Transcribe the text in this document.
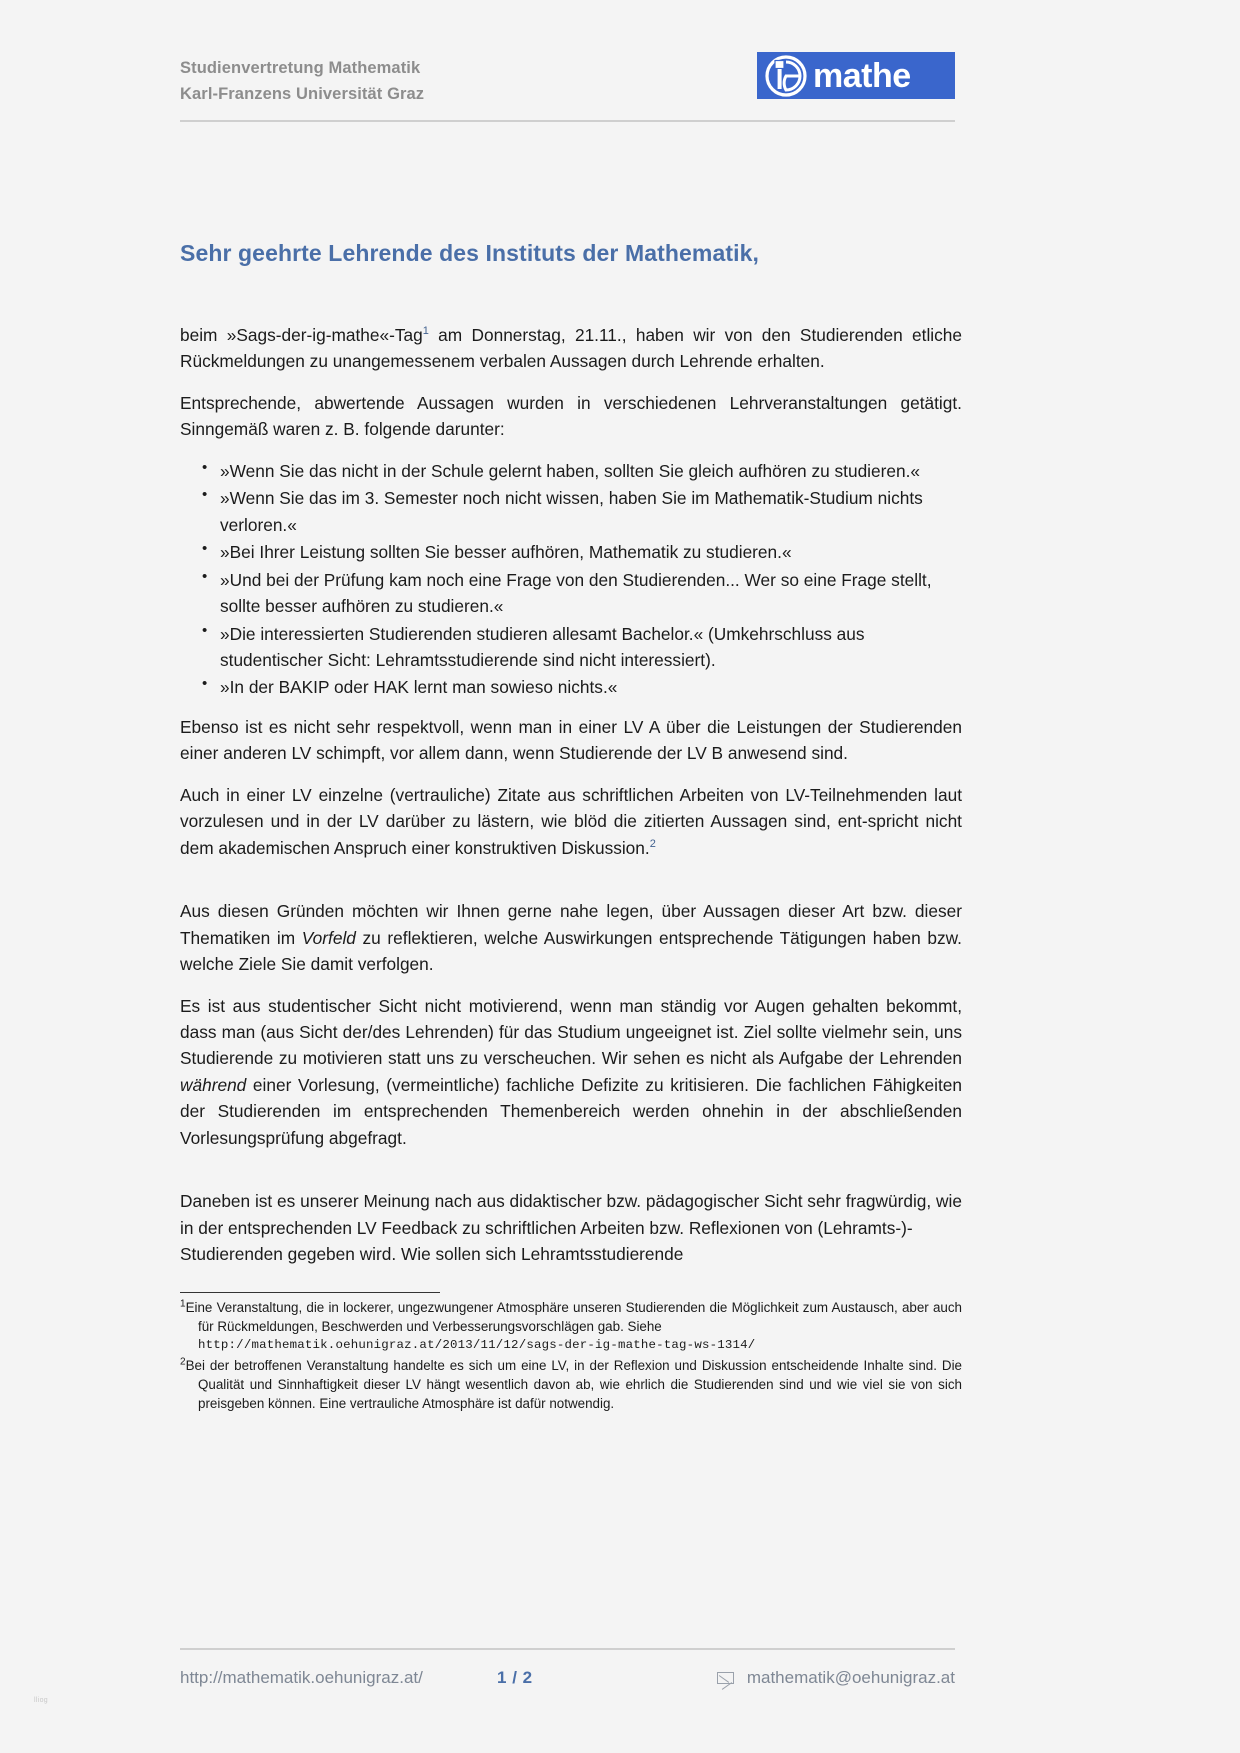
Studienvertretung Mathematik
Karl-Franzens Universität Graz	mathe
Sehr geehrte Lehrende des Instituts der Mathematik,

beim »Sags-der-ig-mathe«-Tag$^1$ am Donnerstag, 21.11., haben wir von den Studierenden etliche Rückmeldungen zu unangemessenem verbalen Aussagen durch Lehrende erhalten.

Entsprechende, abwertende Aussagen wurden in verschiedenen Lehrveranstaltungen getätigt. Sinngemäß waren z. B. folgende darunter:

• »Wenn Sie das nicht in der Schule gelernt haben, sollten Sie gleich aufhören zu studieren.«
• »Wenn Sie das im 3. Semester noch nicht wissen, haben Sie im Mathematik-Studium nichts verloren.«
• »Bei Ihrer Leistung sollten Sie besser aufhören, Mathematik zu studieren.«
• »Und bei der Prüfung kam noch eine Frage von den Studierenden... Wer so eine Frage stellt, sollte besser aufhören zu studieren.«
• »Die interessierten Studierenden studieren allesamt Bachelor.« (Umkehrschluss aus studentischer Sicht: Lehramtsstudierende sind nicht interessiert).
• »In der BAKIP oder HAK lernt man sowieso nichts.«

Ebenso ist es nicht sehr respektvoll, wenn man in einer LV A über die Leistungen der Studierenden einer anderen LV schimpft, vor allem dann, wenn Studierende der LV B anwesend sind.

Auch in einer LV einzelne (vertrauliche) Zitate aus schriftlichen Arbeiten von LV-Teilnehmenden laut vorzulesen und in der LV darüber zu lästern, wie blöd die zitierten Aussagen sind, ent-spricht nicht dem akademischen Anspruch einer konstruktiven Diskussion.$^2$

Aus diesen Gründen möchten wir Ihnen gerne nahe legen, über Aussagen dieser Art bzw. dieser Thematiken im Vorfeld zu reflektieren, welche Auswirkungen entsprechende Tätigungen haben bzw. welche Ziele Sie damit verfolgen.

Es ist aus studentischer Sicht nicht motivierend, wenn man ständig vor Augen gehalten bekommt, dass man (aus Sicht der/des Lehrenden) für das Studium ungeeignet ist. Ziel sollte vielmehr sein, uns Studierende zu motivieren statt uns zu verscheuchen. Wir sehen es nicht als Aufgabe der Lehrenden während einer Vorlesung, (vermeintliche) fachliche Defizite zu kritisieren. Die fachlichen Fähigkeiten der Studierenden im entsprechenden Themenbereich werden ohnehin in der abschließenden Vorlesungsprüfung abgefragt.

Daneben ist es unserer Meinung nach aus didaktischer bzw. pädagogischer Sicht sehr fragwürdig, wie in der entsprechenden LV Feedback zu schriftlichen Arbeiten bzw. Reflexionen von (Lehramts-)-Studierenden gegeben wird. Wie sollen sich Lehramtsstudierende

$^1$Eine Veranstaltung, die in lockerer, ungezwungener Atmosphäre unseren Studierenden die Möglichkeit zum Austausch, aber auch für Rückmeldungen, Beschwerden und Verbesserungsvorschlägen gab. Siehe

http://mathematik.oehunigraz.at/2013/11/12/sags-der-ig-mathe-tag-ws-1314/

$^2$Bei der betroffenen Veranstaltung handelte es sich um eine LV, in der Reflexion und Diskussion entscheidende Inhalte sind. Die Qualität und Sinnhaftigkeit dieser LV hängt wesentlich davon ab, wie ehrlich die Studierenden sind und wie viel sie von sich preisgeben können. Eine vertrauliche Atmosphäre ist dafür notwendig.

http://mathematik.oehunigraz.at/	1 / 2	mathematik@oehunigraz.at
lliog
